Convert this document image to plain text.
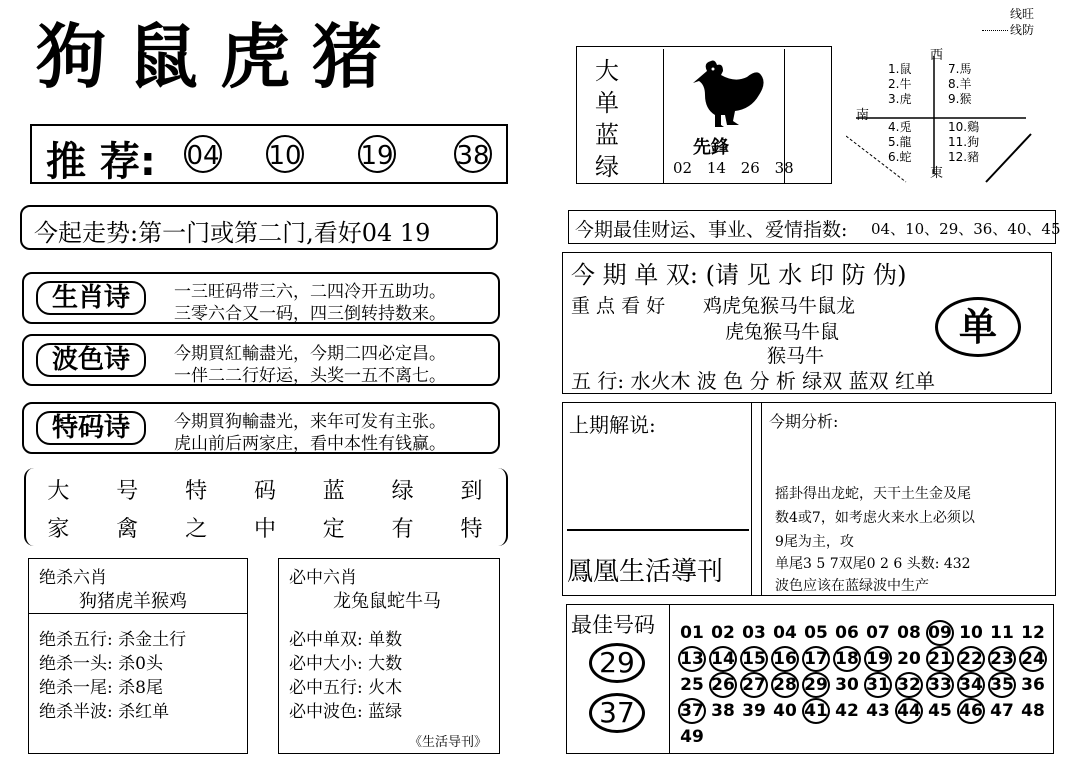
狗鼠虎猪
推 荐: 04 10 19 38
今起走势:第一门或第二门,看好04 19
生肖诗	一三旺码带三六，二四冷开五助功。
三零六合又一码，四三倒转持数来。
波色诗	今期買紅輸盡光，今期二四必定昌。
一伴二二行好运，头奖一五不离七。
特码诗	今期買狗輸盡光，来年可发有主张。
虎山前后两家庄，看中本性有钱赢。
大 号 特 码 蓝 绿 到
家 禽 之 中 定 有 特
绝杀六肖
狗猪虎羊猴鸡
绝杀五行: 杀金土行
绝杀一头: 杀0头
绝杀一尾: 杀8尾
绝杀半波: 杀红单
必中六肖
龙兔鼠蛇牛马
必中单双: 单数
必中大小: 大数
必中五行: 火木
必中波色: 蓝绿
《生活导刊》
大
单
蓝
绿
先鋒
02 14 26 38
线旺
线防
西
南
東
1.鼠
2.牛
3.虎
4.兎
5.龍
6.蛇
7.馬
8.羊
9.猴
10.鷄
11.狗
12.豬
今期最佳财运、事业、爱情指数: 04、10、29、36、40、45
今 期 单 双: (请 见 水 印 防 伪)
重 点 看 好 鸡虎兔猴马牛鼠龙
虎兔猴马牛鼠
猴马牛
单
五 行: 水火木 波 色 分 析 绿双 蓝双 红单
上期解说:
鳳凰生活導刊
今期分析:
摇卦得出龙蛇，天干土生金及尾
数4或7，如考虑火来水上必须以
9尾为主，攻
单尾3 5 7双尾0 2 6 头数: 432
波色应该在蓝绿波中生产
最佳号码
29
37
01 02 03 04 05 06 07 08 09 10 11 12
13 14 15 16 17 18 19 20 21 22 23 24
25 26 27 28 29 30 31 32 33 34 35 36
37 38 39 40 41 42 43 44 45 46 47 48
49
